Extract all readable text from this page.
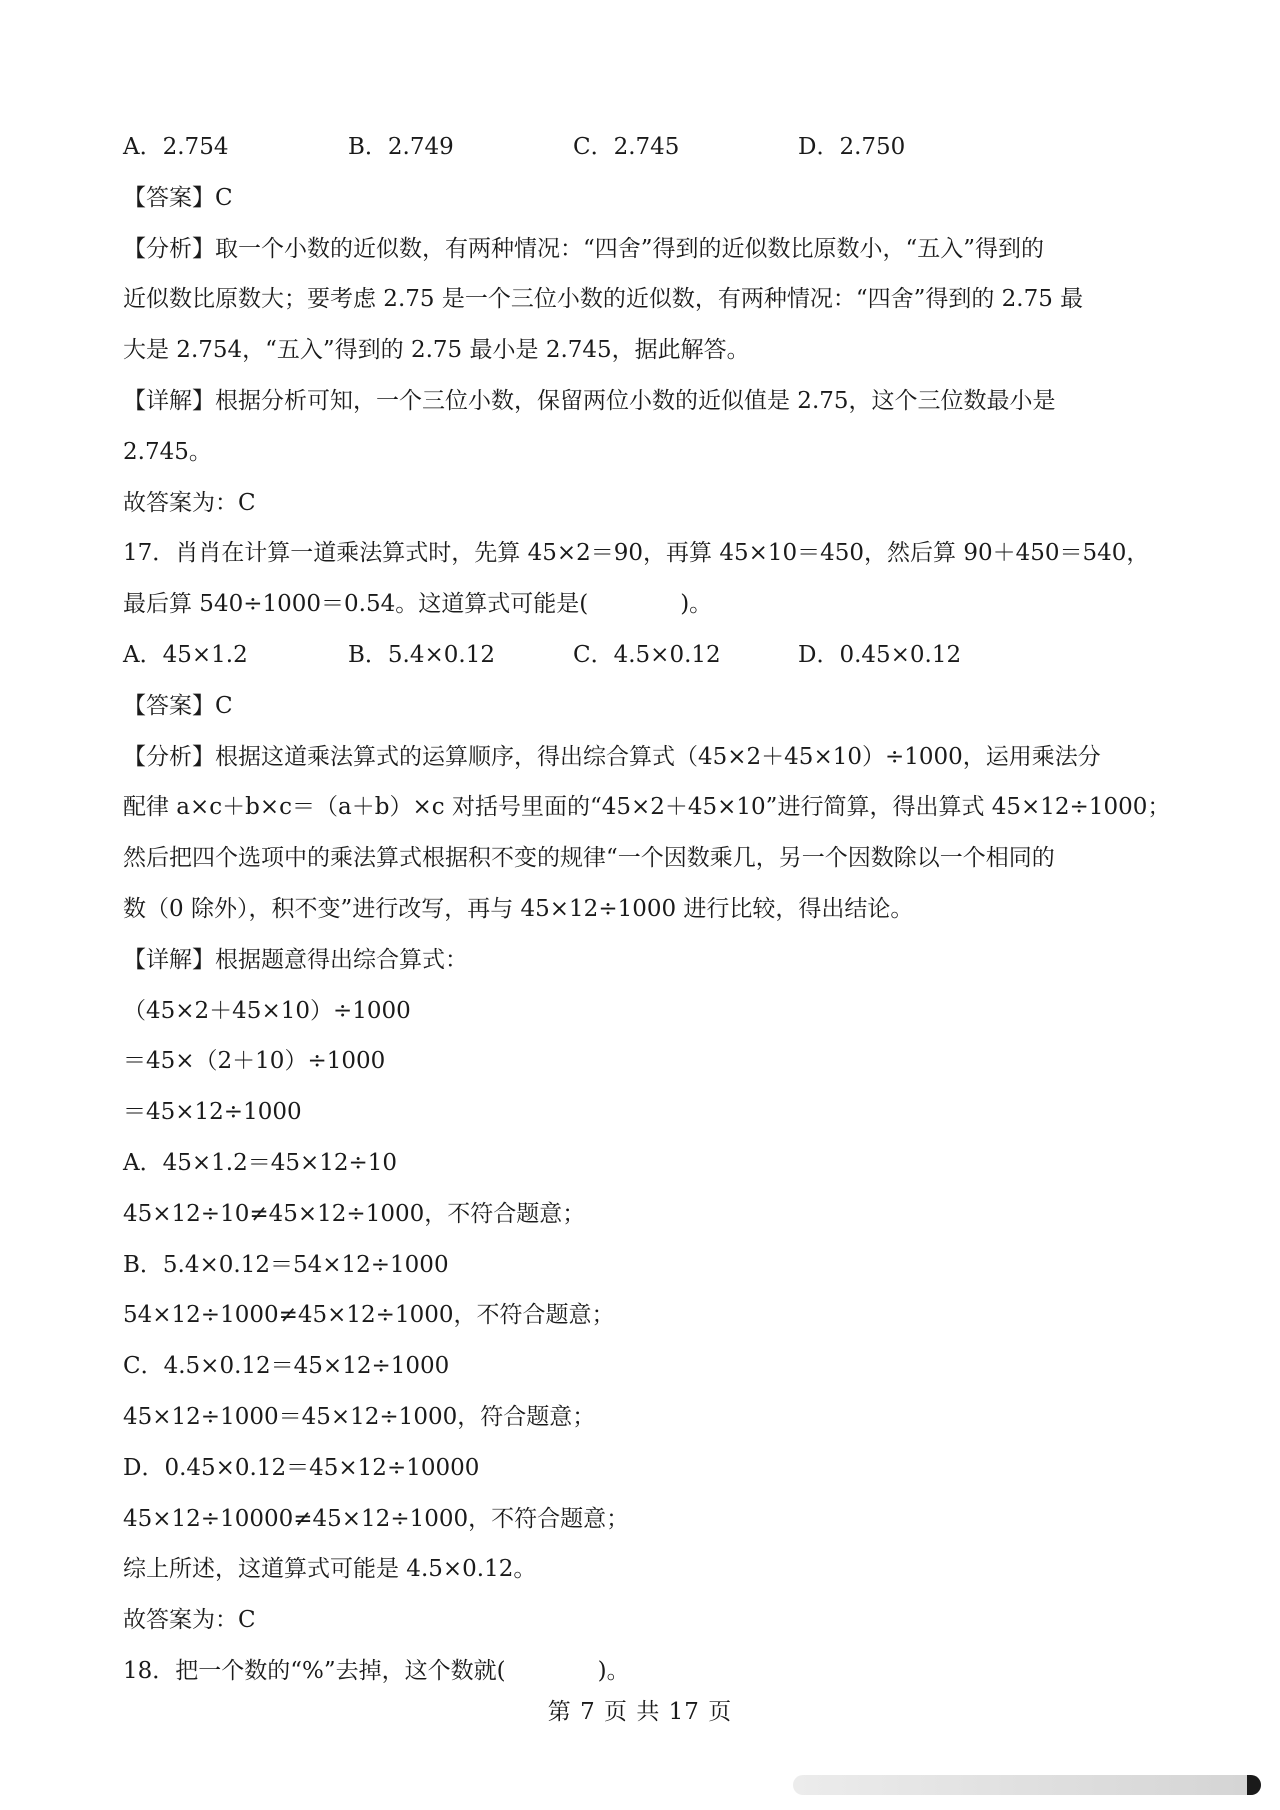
A．2.754	B．2.749	C．2.745	D．2.750
【答案】C
【分析】取一个小数的近似数，有两种情况：“四舍”得到的近似数比原数小，“五入”得到的
近似数比原数大；要考虑 2.75 是一个三位小数的近似数，有两种情况：“四舍”得到的 2.75 最
大是 2.754，“五入”得到的 2.75 最小是 2.745，据此解答。
【详解】根据分析可知，一个三位小数，保留两位小数的近似值是 2.75，这个三位数最小是
2.745。
故答案为：C
17．肖肖在计算一道乘法算式时，先算 45×2＝90，再算 45×10＝450，然后算 90＋450＝540，
最后算 540÷1000＝0.54。这道算式可能是(　　　　)。
A．45×1.2	B．5.4×0.12	C．4.5×0.12	D．0.45×0.12
【答案】C
【分析】根据这道乘法算式的运算顺序，得出综合算式（45×2＋45×10）÷1000，运用乘法分
配律 a×c＋b×c＝（a＋b）×c 对括号里面的“45×2＋45×10”进行简算，得出算式 45×12÷1000；
然后把四个选项中的乘法算式根据积不变的规律“一个因数乘几，另一个因数除以一个相同的
数（0 除外），积不变”进行改写，再与 45×12÷1000 进行比较，得出结论。
【详解】根据题意得出综合算式：
（45×2＋45×10）÷1000
＝45×（2＋10）÷1000
＝45×12÷1000
A．45×1.2＝45×12÷10
45×12÷10≠45×12÷1000，不符合题意；
B．5.4×0.12＝54×12÷1000
54×12÷1000≠45×12÷1000，不符合题意；
C．4.5×0.12＝45×12÷1000
45×12÷1000＝45×12÷1000，符合题意；
D．0.45×0.12＝45×12÷10000
45×12÷10000≠45×12÷1000，不符合题意；
综上所述，这道算式可能是 4.5×0.12。
故答案为：C
18．把一个数的“%”去掉，这个数就(　　　　)。
第 7 页 共 17 页
